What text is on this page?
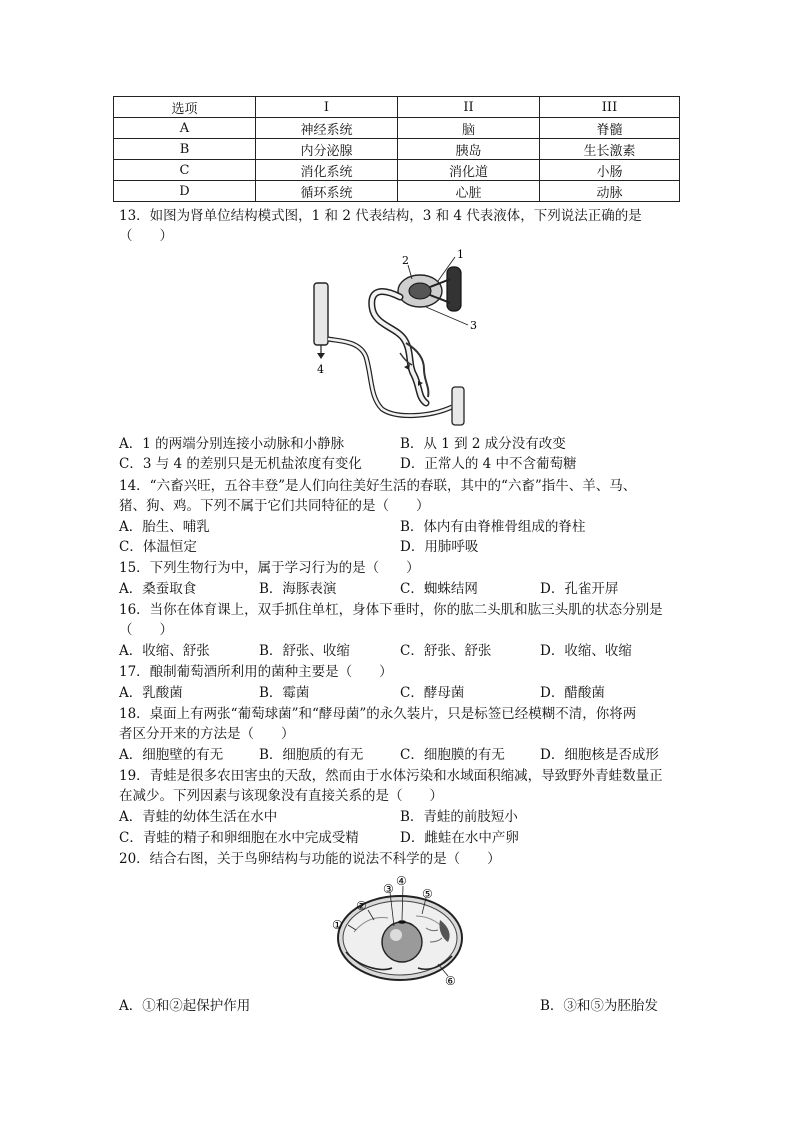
选项	I	II	III
A	神经系统	脑	脊髓
B	内分泌腺	胰岛	生长激素
C	消化系统	消化道	小肠
D	循环系统	心脏	动脉
13．如图为肾单位结构模式图，1 和 2 代表结构，3 和 4 代表液体，下列说法正确的是
（　　）
1
2
3
4
A．1 的两端分别连接小动脉和小静脉	B．从 1 到 2 成分没有改变
C．3 与 4 的差别只是无机盐浓度有变化	D．正常人的 4 中不含葡萄糖
14．“六畜兴旺，五谷丰登”是人们向往美好生活的春联，其中的“六畜”指牛、羊、马、
猪、狗、鸡。下列不属于它们共同特征的是（　　）
A．胎生、哺乳	B．体内有由脊椎骨组成的脊柱
C．体温恒定	D．用肺呼吸
15．下列生物行为中，属于学习行为的是（　　）
A．桑蚕取食	B．海豚表演	C．蜘蛛结网	D．孔雀开屏
16．当你在体育课上，双手抓住单杠，身体下垂时，你的肱二头肌和肱三头肌的状态分别是
（　　）
A．收缩、舒张	B．舒张、收缩	C．舒张、舒张	D．收缩、收缩
17．酿制葡萄酒所利用的菌种主要是（　　）
A．乳酸菌	B．霉菌	C．酵母菌	D．醋酸菌
18．桌面上有两张“葡萄球菌”和“酵母菌”的永久装片，只是标签已经模糊不清，你将两
者区分开来的方法是（　　）
A．细胞壁的有无	B．细胞质的有无	C．细胞膜的有无	D．细胞核是否成形
19．青蛙是很多农田害虫的天敌，然而由于水体污染和水域面积缩减，导致野外青蛙数量正
在减少。下列因素与该现象没有直接关系的是（　　）
A．青蛙的幼体生活在水中	B．青蛙的前肢短小
C．青蛙的精子和卵细胞在水中完成受精	D．雌蛙在水中产卵
20．结合右图，关于鸟卵结构与功能的说法不科学的是（　　）
①
②
③
④
⑤
⑥
A．①和②起保护作用	B．③和⑤为胚胎发
